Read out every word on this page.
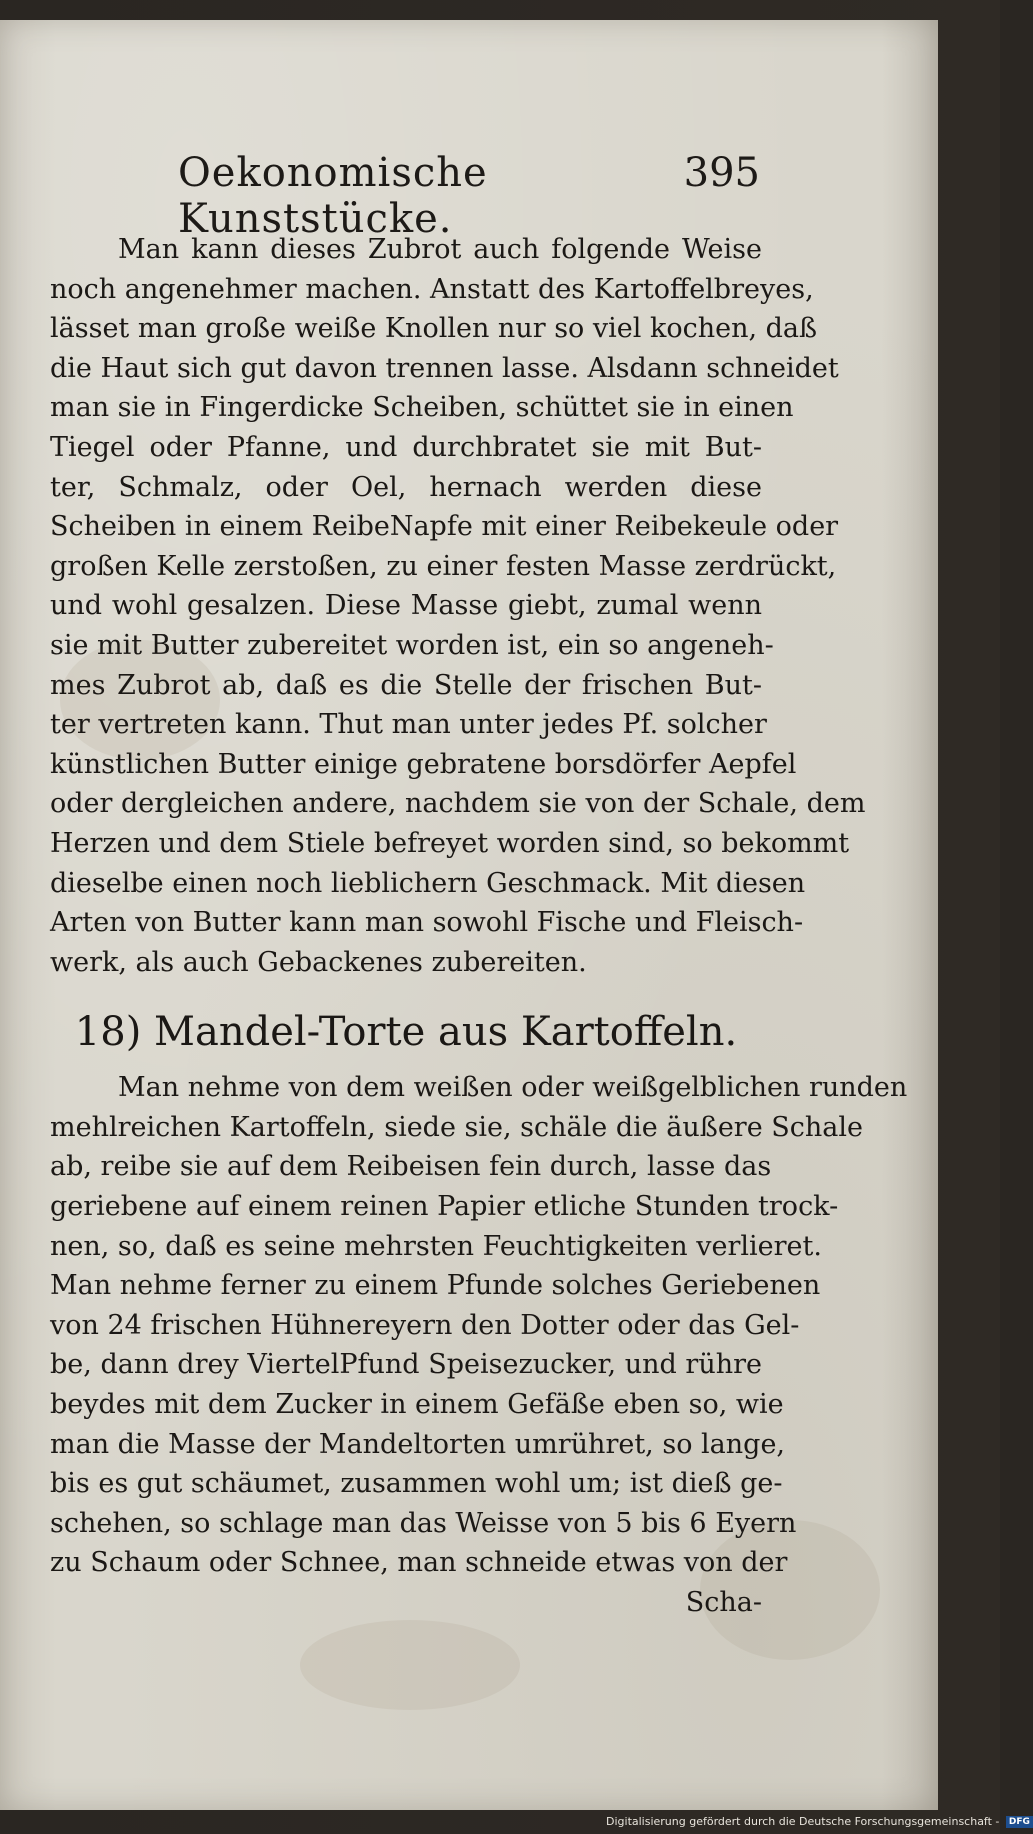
Oekonomische Kunststücke.
395
Man kann dieses Zubrot auch folgende Weise
noch angenehmer machen. Anstatt des Kartoffelbreyes,
lässet man große weiße Knollen nur so viel kochen, daß
die Haut sich gut davon trennen lasse. Alsdann schneidet
man sie in Fingerdicke Scheiben, schüttet sie in einen
Tiegel oder Pfanne, und durchbratet sie mit But-
ter, Schmalz, oder Oel, hernach werden diese
Scheiben in einem ReibeNapfe mit einer Reibekeule oder
großen Kelle zerstoßen, zu einer festen Masse zerdrückt,
und wohl gesalzen. Diese Masse giebt, zumal wenn
sie mit Butter zubereitet worden ist, ein so angeneh-
mes Zubrot ab, daß es die Stelle der frischen But-
ter vertreten kann. Thut man unter jedes Pf. solcher
künstlichen Butter einige gebratene borsdörfer Aepfel
oder dergleichen andere, nachdem sie von der Schale, dem
Herzen und dem Stiele befreyet worden sind, so bekommt
dieselbe einen noch lieblichern Geschmack. Mit diesen
Arten von Butter kann man sowohl Fische und Fleisch-
werk, als auch Gebackenes zubereiten.
18) Mandel-Torte aus Kartoffeln.
Man nehme von dem weißen oder weißgelblichen runden
mehlreichen Kartoffeln, siede sie, schäle die äußere Schale
ab, reibe sie auf dem Reibeisen fein durch, lasse das
geriebene auf einem reinen Papier etliche Stunden trock-
nen, so, daß es seine mehrsten Feuchtigkeiten verlieret.
Man nehme ferner zu einem Pfunde solches Geriebenen
von 24 frischen Hühnereyern den Dotter oder das Gel-
be, dann drey ViertelPfund Speisezucker, und rühre
beydes mit dem Zucker in einem Gefäße eben so, wie
man die Masse der Mandeltorten umrühret, so lange,
bis es gut schäumet, zusammen wohl um; ist dieß ge-
schehen, so schlage man das Weisse von 5 bis 6 Eyern
zu Schaum oder Schnee, man schneide etwas von der
Scha-
Digitalisierung gefördert durch die Deutsche Forschungsgemeinschaft - DFG
